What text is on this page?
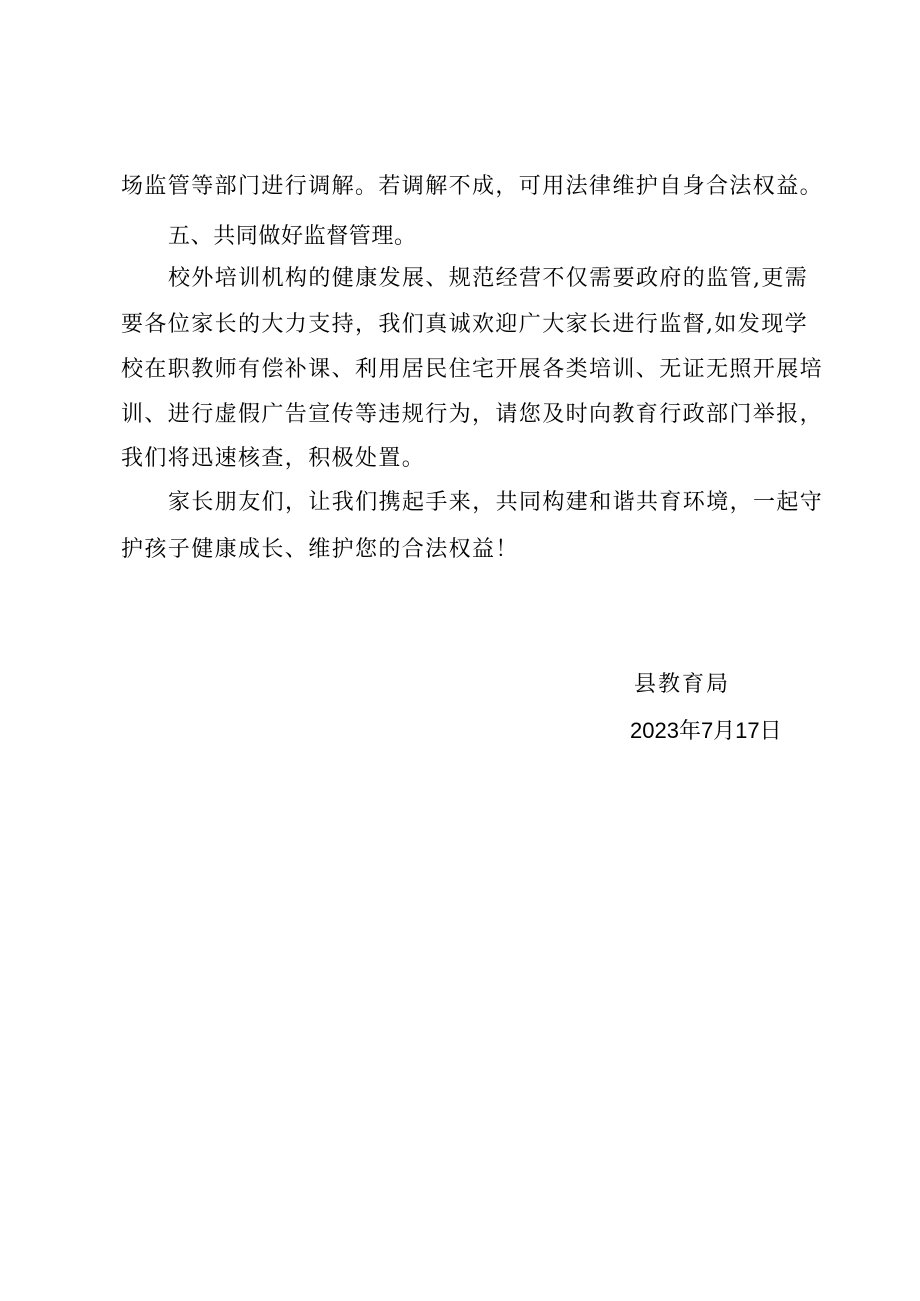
场监管等部门进行调解。若调解不成，可用法律维护自身合法权益。
五、共同做好监督管理。
校外培训机构的健康发展、规范经营不仅需要政府的监管,更需
要各位家长的大力支持，我们真诚欢迎广大家长进行监督,如发现学
校在职教师有偿补课、利用居民住宅开展各类培训、无证无照开展培
训、进行虚假广告宣传等违规行为，请您及时向教育行政部门举报，
我们将迅速核查，积极处置。
家长朋友们，让我们携起手来，共同构建和谐共育环境，一起守
护孩子健康成长、维护您的合法权益！
县教育局
2023年7月17日
